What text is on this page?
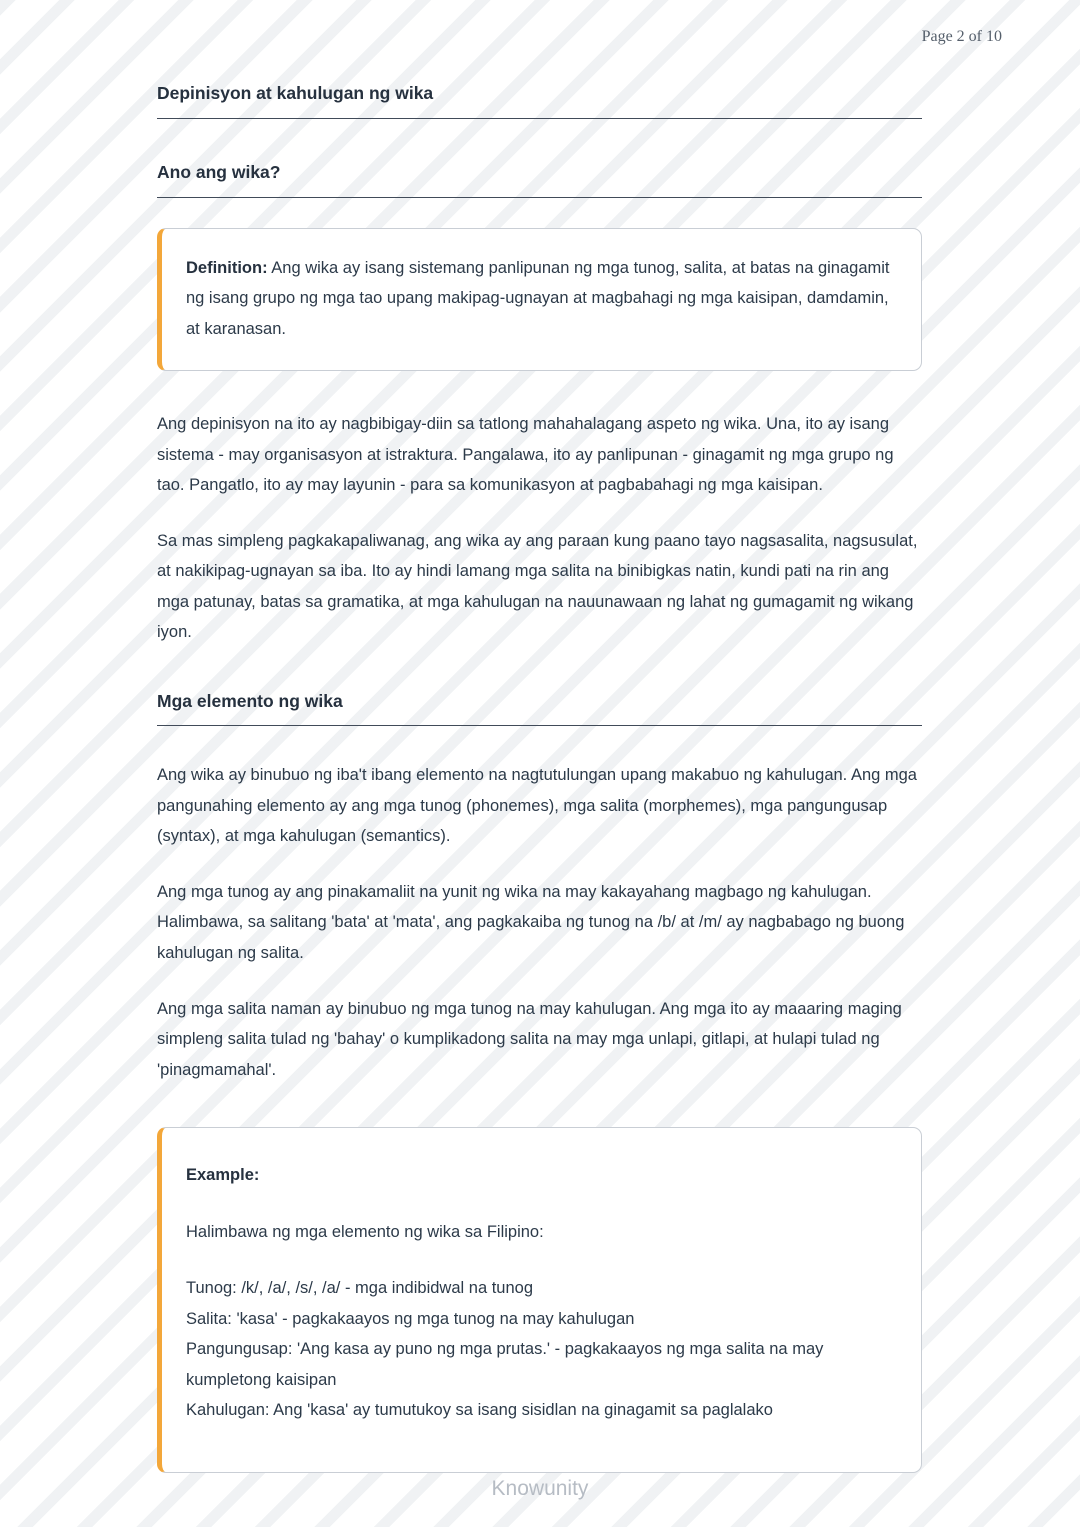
Page 2 of 10
Depinisyon at kahulugan ng wika
Ano ang wika?

Definition: Ang wika ay isang sistemang panlipunan ng mga tunog, salita, at batas na ginagamit ng isang grupo ng mga tao upang makipag-ugnayan at magbahagi ng mga kaisipan, damdamin, at karanasan.

Ang depinisyon na ito ay nagbibigay-diin sa tatlong mahahalagang aspeto ng wika. Una, ito ay isang sistema - may organisasyon at istraktura. Pangalawa, ito ay panlipunan - ginagamit ng mga grupo ng tao. Pangatlo, ito ay may layunin - para sa komunikasyon at pagbabahagi ng mga kaisipan.

Sa mas simpleng pagkakapaliwanag, ang wika ay ang paraan kung paano tayo nagsasalita, nagsusulat, at nakikipag-ugnayan sa iba. Ito ay hindi lamang mga salita na binibigkas natin, kundi pati na rin ang mga patunay, batas sa gramatika, at mga kahulugan na nauunawaan ng lahat ng gumagamit ng wikang iyon.

Mga elemento ng wika

Ang wika ay binubuo ng iba't ibang elemento na nagtutulungan upang makabuo ng kahulugan. Ang mga pangunahing elemento ay ang mga tunog (phonemes), mga salita (morphemes), mga pangungusap (syntax), at mga kahulugan (semantics).

Ang mga tunog ay ang pinakamaliit na yunit ng wika na may kakayahang magbago ng kahulugan. Halimbawa, sa salitang 'bata' at 'mata', ang pagkakaiba ng tunog na /b/ at /m/ ay nagbabago ng buong kahulugan ng salita.

Ang mga salita naman ay binubuo ng mga tunog na may kahulugan. Ang mga ito ay maaaring maging simpleng salita tulad ng 'bahay' o kumplikadong salita na may mga unlapi, gitlapi, at hulapi tulad ng 'pinagmamahal'.

Example:

Halimbawa ng mga elemento ng wika sa Filipino:

Tunog: /k/, /a/, /s/, /a/ - mga indibidwal na tunog
Salita: 'kasa' - pagkakaayos ng mga tunog na may kahulugan
Pangungusap: 'Ang kasa ay puno ng mga prutas.' - pagkakaayos ng mga salita na may kumpletong kaisipan
Kahulugan: Ang 'kasa' ay tumutukoy sa isang sisidlan na ginagamit sa paglalako
Knowunity
